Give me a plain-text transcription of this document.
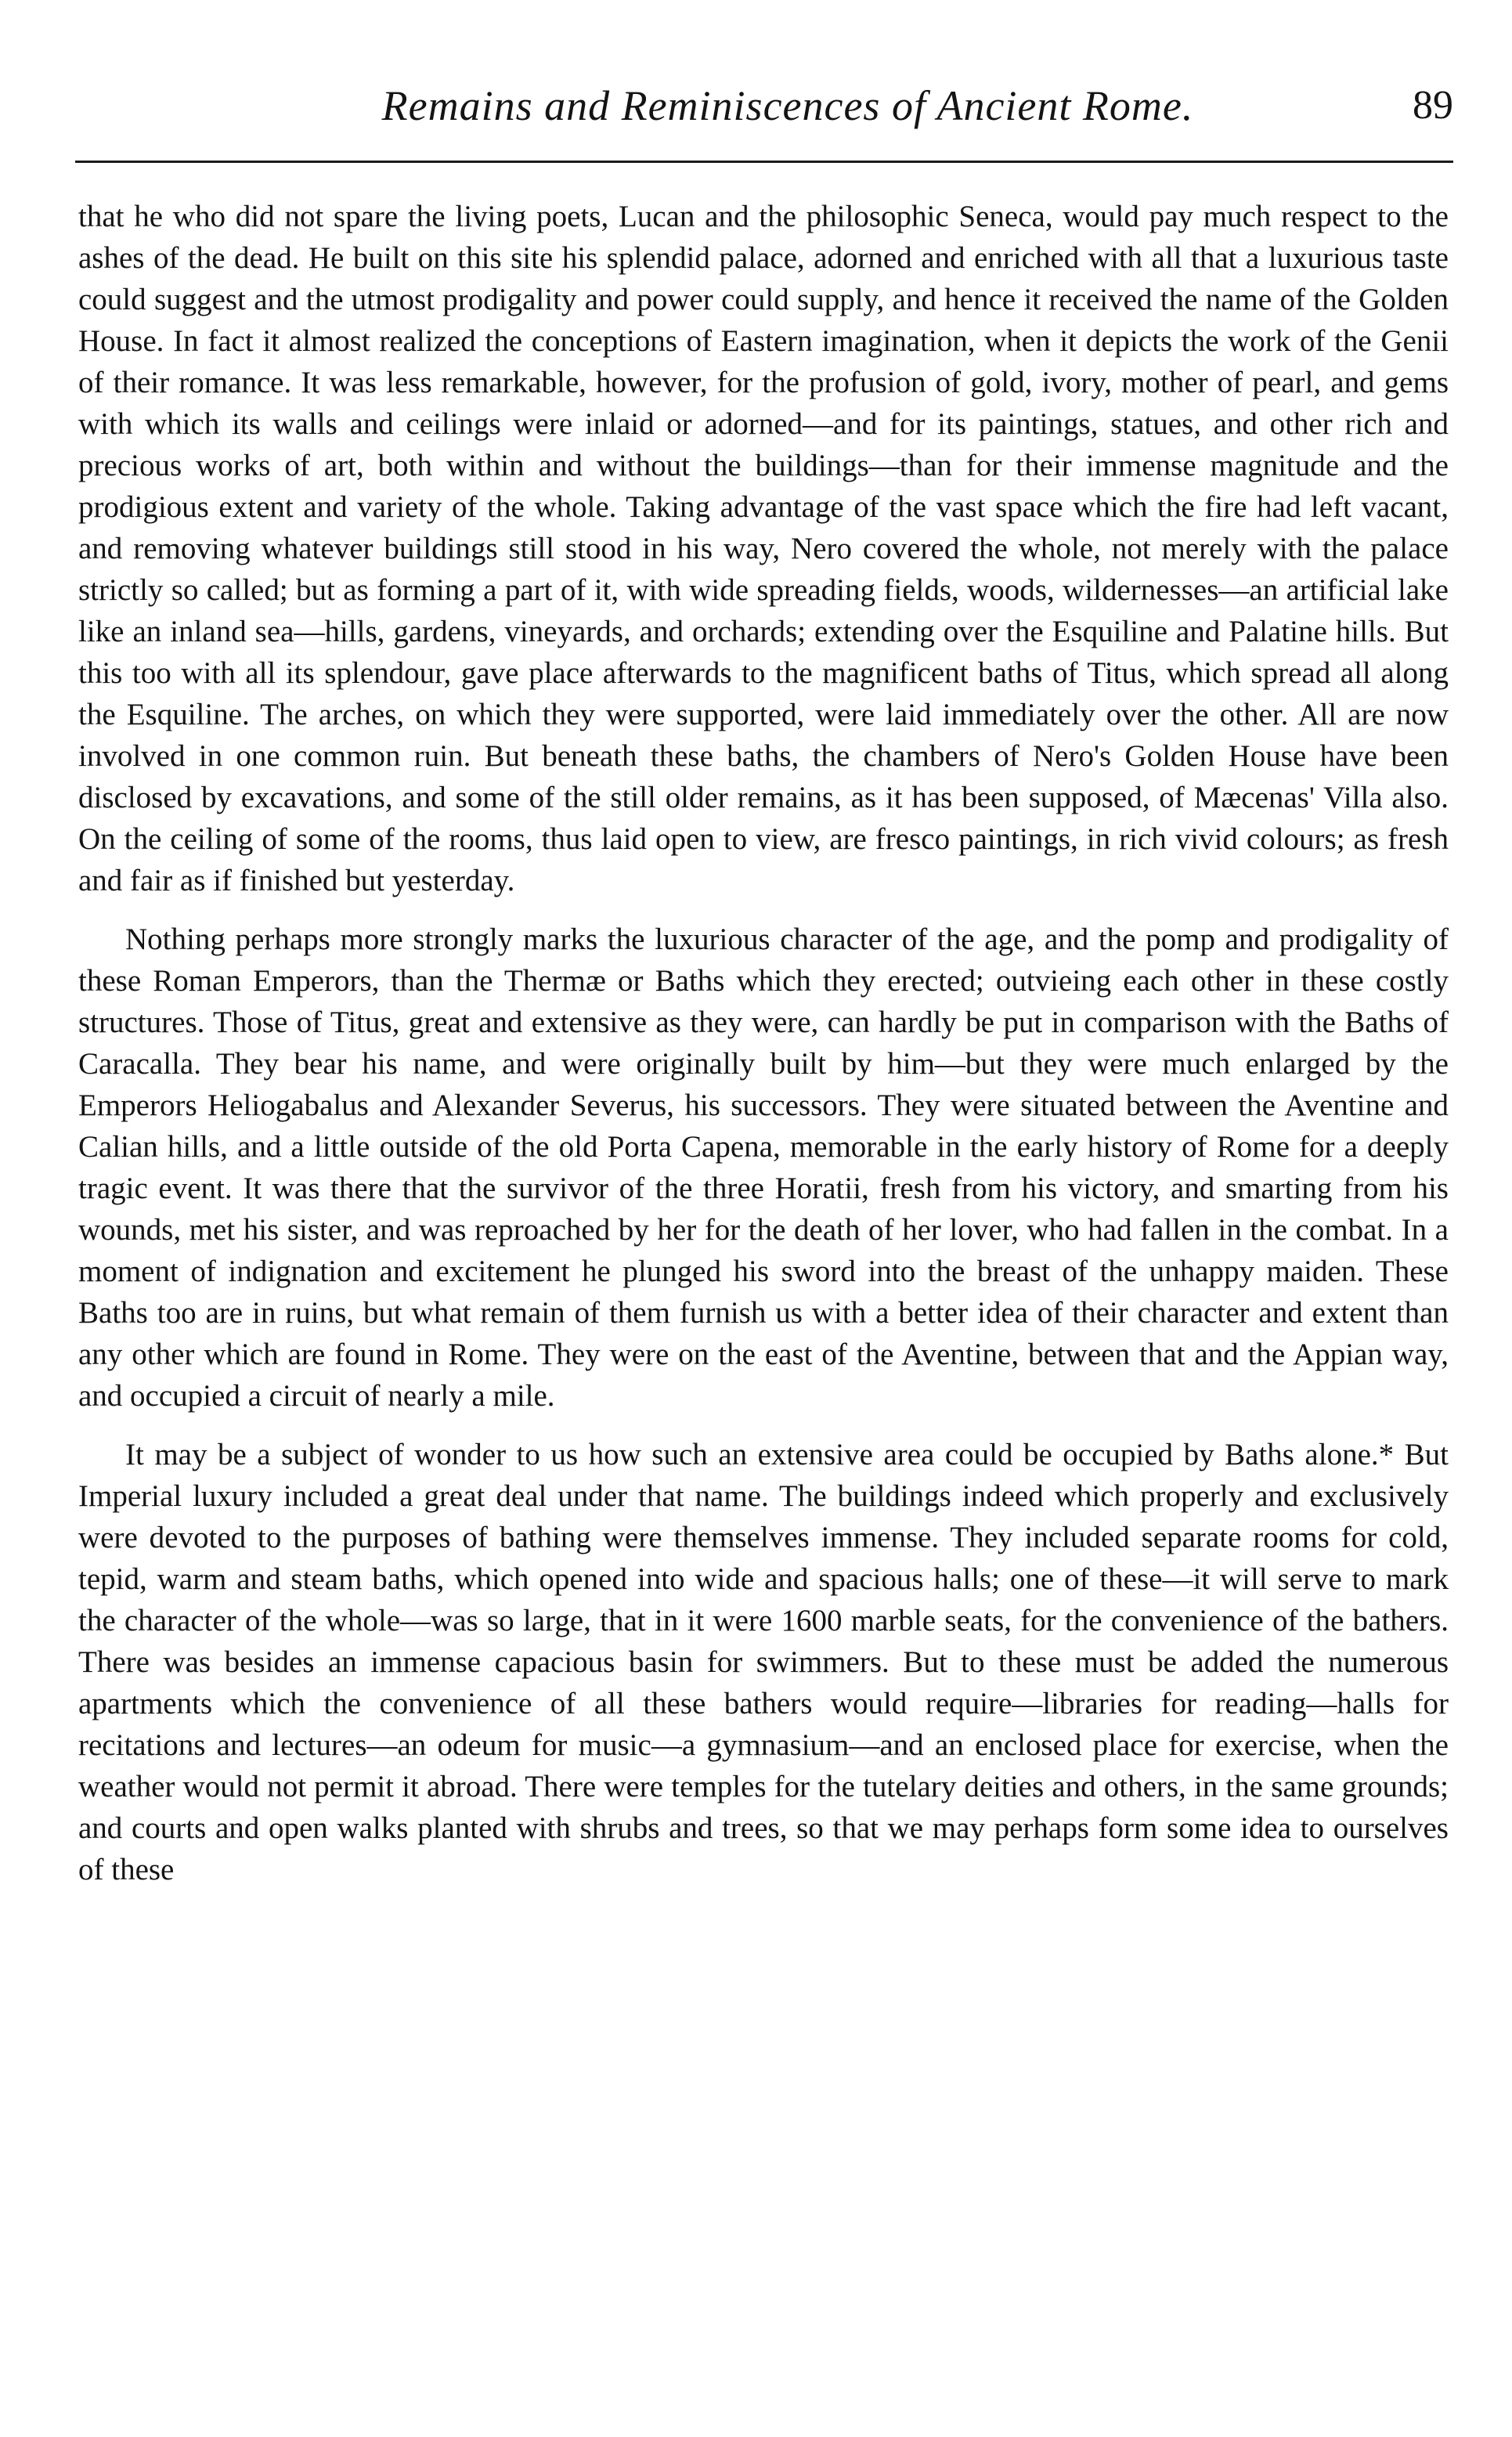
Remains and Reminiscences of Ancient Rome.	89

that he who did not spare the living poets, Lucan and the philosophic Seneca, would pay much respect to the ashes of the dead. He built on this site his splendid palace, adorned and enriched with all that a luxurious taste could suggest and the utmost prodigality and power could supply, and hence it received the name of the Golden House. In fact it almost realized the conceptions of Eastern imagination, when it depicts the work of the Genii of their romance. It was less remarkable, however, for the profusion of gold, ivory, mother of pearl, and gems with which its walls and ceilings were inlaid or adorned—and for its paintings, statues, and other rich and precious works of art, both within and without the buildings—than for their immense magnitude and the prodigious extent and variety of the whole. Taking advantage of the vast space which the fire had left vacant, and removing whatever buildings still stood in his way, Nero covered the whole, not merely with the palace strictly so called; but as forming a part of it, with wide spreading fields, woods, wildernesses—an artificial lake like an inland sea—hills, gardens, vineyards, and orchards; extending over the Esquiline and Palatine hills. But this too with all its splendour, gave place afterwards to the magnificent baths of Titus, which spread all along the Esquiline. The arches, on which they were supported, were laid immediately over the other. All are now involved in one common ruin. But beneath these baths, the chambers of Nero's Golden House have been disclosed by excavations, and some of the still older remains, as it has been supposed, of Mæcenas' Villa also. On the ceiling of some of the rooms, thus laid open to view, are fresco paintings, in rich vivid colours; as fresh and fair as if finished but yesterday.

Nothing perhaps more strongly marks the luxurious character of the age, and the pomp and prodigality of these Roman Emperors, than the Thermæ or Baths which they erected; outvieing each other in these costly structures. Those of Titus, great and extensive as they were, can hardly be put in comparison with the Baths of Caracalla. They bear his name, and were originally built by him—but they were much enlarged by the Emperors Heliogabalus and Alexander Severus, his successors. They were situated between the Aventine and Calian hills, and a little outside of the old Porta Capena, memorable in the early history of Rome for a deeply tragic event. It was there that the survivor of the three Horatii, fresh from his victory, and smarting from his wounds, met his sister, and was reproached by her for the death of her lover, who had fallen in the combat. In a moment of indignation and excitement he plunged his sword into the breast of the unhappy maiden. These Baths too are in ruins, but what remain of them furnish us with a better idea of their character and extent than any other which are found in Rome. They were on the east of the Aventine, between that and the Appian way, and occupied a circuit of nearly a mile.

It may be a subject of wonder to us how such an extensive area could be occupied by Baths alone.* But Imperial luxury included a great deal under that name. The buildings indeed which properly and exclusively were devoted to the purposes of bathing were themselves immense. They included separate rooms for cold, tepid, warm and steam baths, which opened into wide and spacious halls; one of these—it will serve to mark the character of the whole—was so large, that in it were 1600 marble seats, for the convenience of the bathers. There was besides an immense capacious basin for swimmers. But to these must be added the numerous apartments which the convenience of all these bathers would require—libraries for reading—halls for recitations and lectures—an odeum for music—a gymnasium—and an enclosed place for exercise, when the weather would not permit it abroad. There were temples for the tutelary deities and others, in the same grounds; and courts and open walks planted with shrubs and trees, so that we may perhaps form some idea to ourselves of these
